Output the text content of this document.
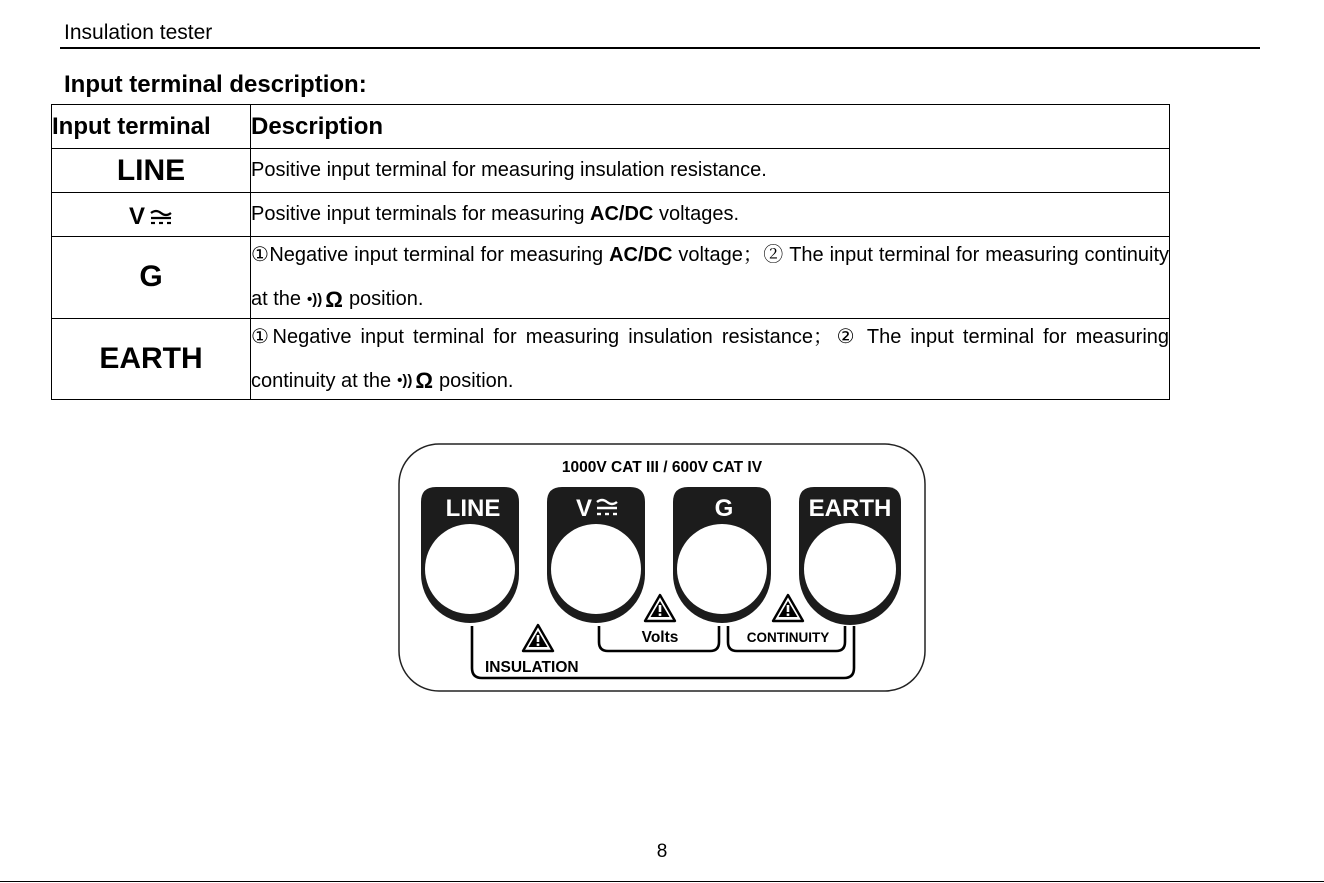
Insulation tester
Input terminal description:
Input terminal	Description
LINE	Positive input terminal for measuring insulation resistance.

V	Positive input terminals for measuring AC/DC voltages.
G	①Negative input terminal for measuring AC/DC voltage；② The input terminal for measuring continuity at the •)) Ω position.

EARTH	①Negative input terminal for measuring insulation resistance；② The input terminal for measuring continuity at the •)) Ω position.
1000V CAT III / 600V CAT IV
LINE	V	G	EARTH
Volts	CONTINUITY
INSULATION
8
